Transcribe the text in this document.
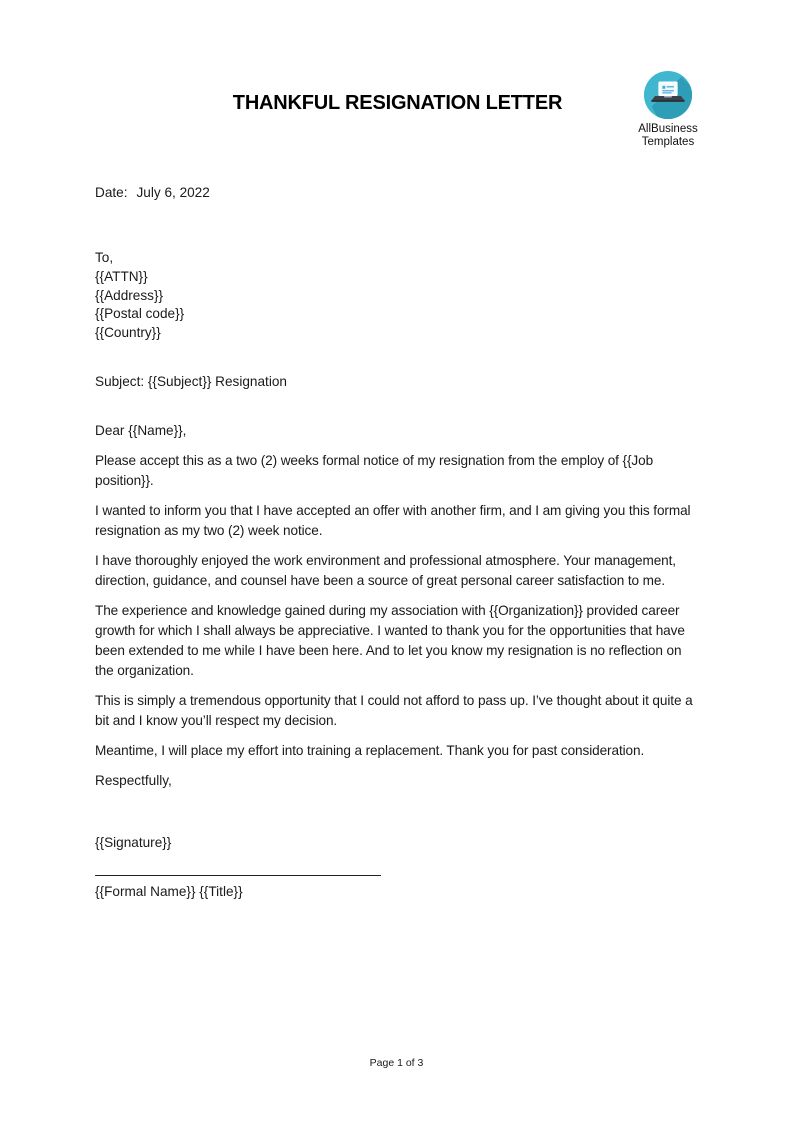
AllBusiness
Templates
THANKFUL RESIGNATION LETTER

Date: July 6, 2022

To,
{{ATTN}}
{{Address}}
{{Postal code}}
{{Country}}

Subject: {{Subject}} Resignation

Dear {{Name}},

Please accept this as a two (2) weeks formal notice of my resignation from the employ of {{Job position}}.

I wanted to inform you that I have accepted an offer with another firm, and I am giving you this formal resignation as my two (2) week notice.

I have thoroughly enjoyed the work environment and professional atmosphere. Your management, direction, guidance, and counsel have been a source of great personal career satisfaction to me.

The experience and knowledge gained during my association with {{Organization}} provided career growth for which I shall always be appreciative. I wanted to thank you for the opportunities that have been extended to me while I have been here. And to let you know my resignation is no reflection on the organization.

This is simply a tremendous opportunity that I could not afford to pass up. I’ve thought about it quite a bit and I know you’ll respect my decision.

Meantime, I will place my effort into training a replacement. Thank you for past consideration.

Respectfully,

{{Signature}}

{{Formal Name}} {{Title}}

Page 1 of 3
